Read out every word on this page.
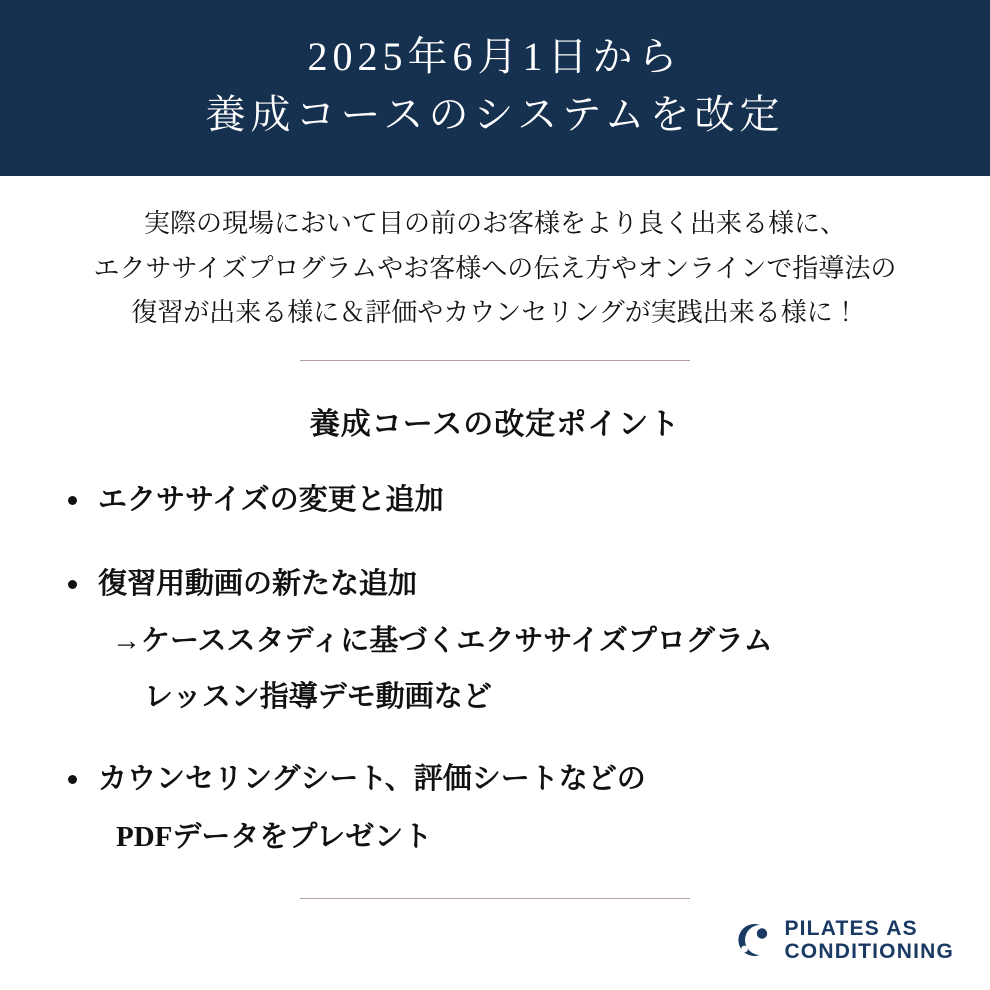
2025年6月1日から
養成コースのシステムを改定
実際の現場において目の前のお客様をより良く出来る様に、
エクササイズプログラムやお客様への伝え方やオンラインで指導法の
復習が出来る様に＆評価やカウンセリングが実践出来る様に！
養成コースの改定ポイント
エクササイズの変更と追加
復習用動画の新たな追加
→ケーススタディに基づくエクササイズプログラム
レッスン指導デモ動画など
カウンセリングシート、評価シートなどの
PDFデータをプレゼント
PILATES AS
CONDITIONING
